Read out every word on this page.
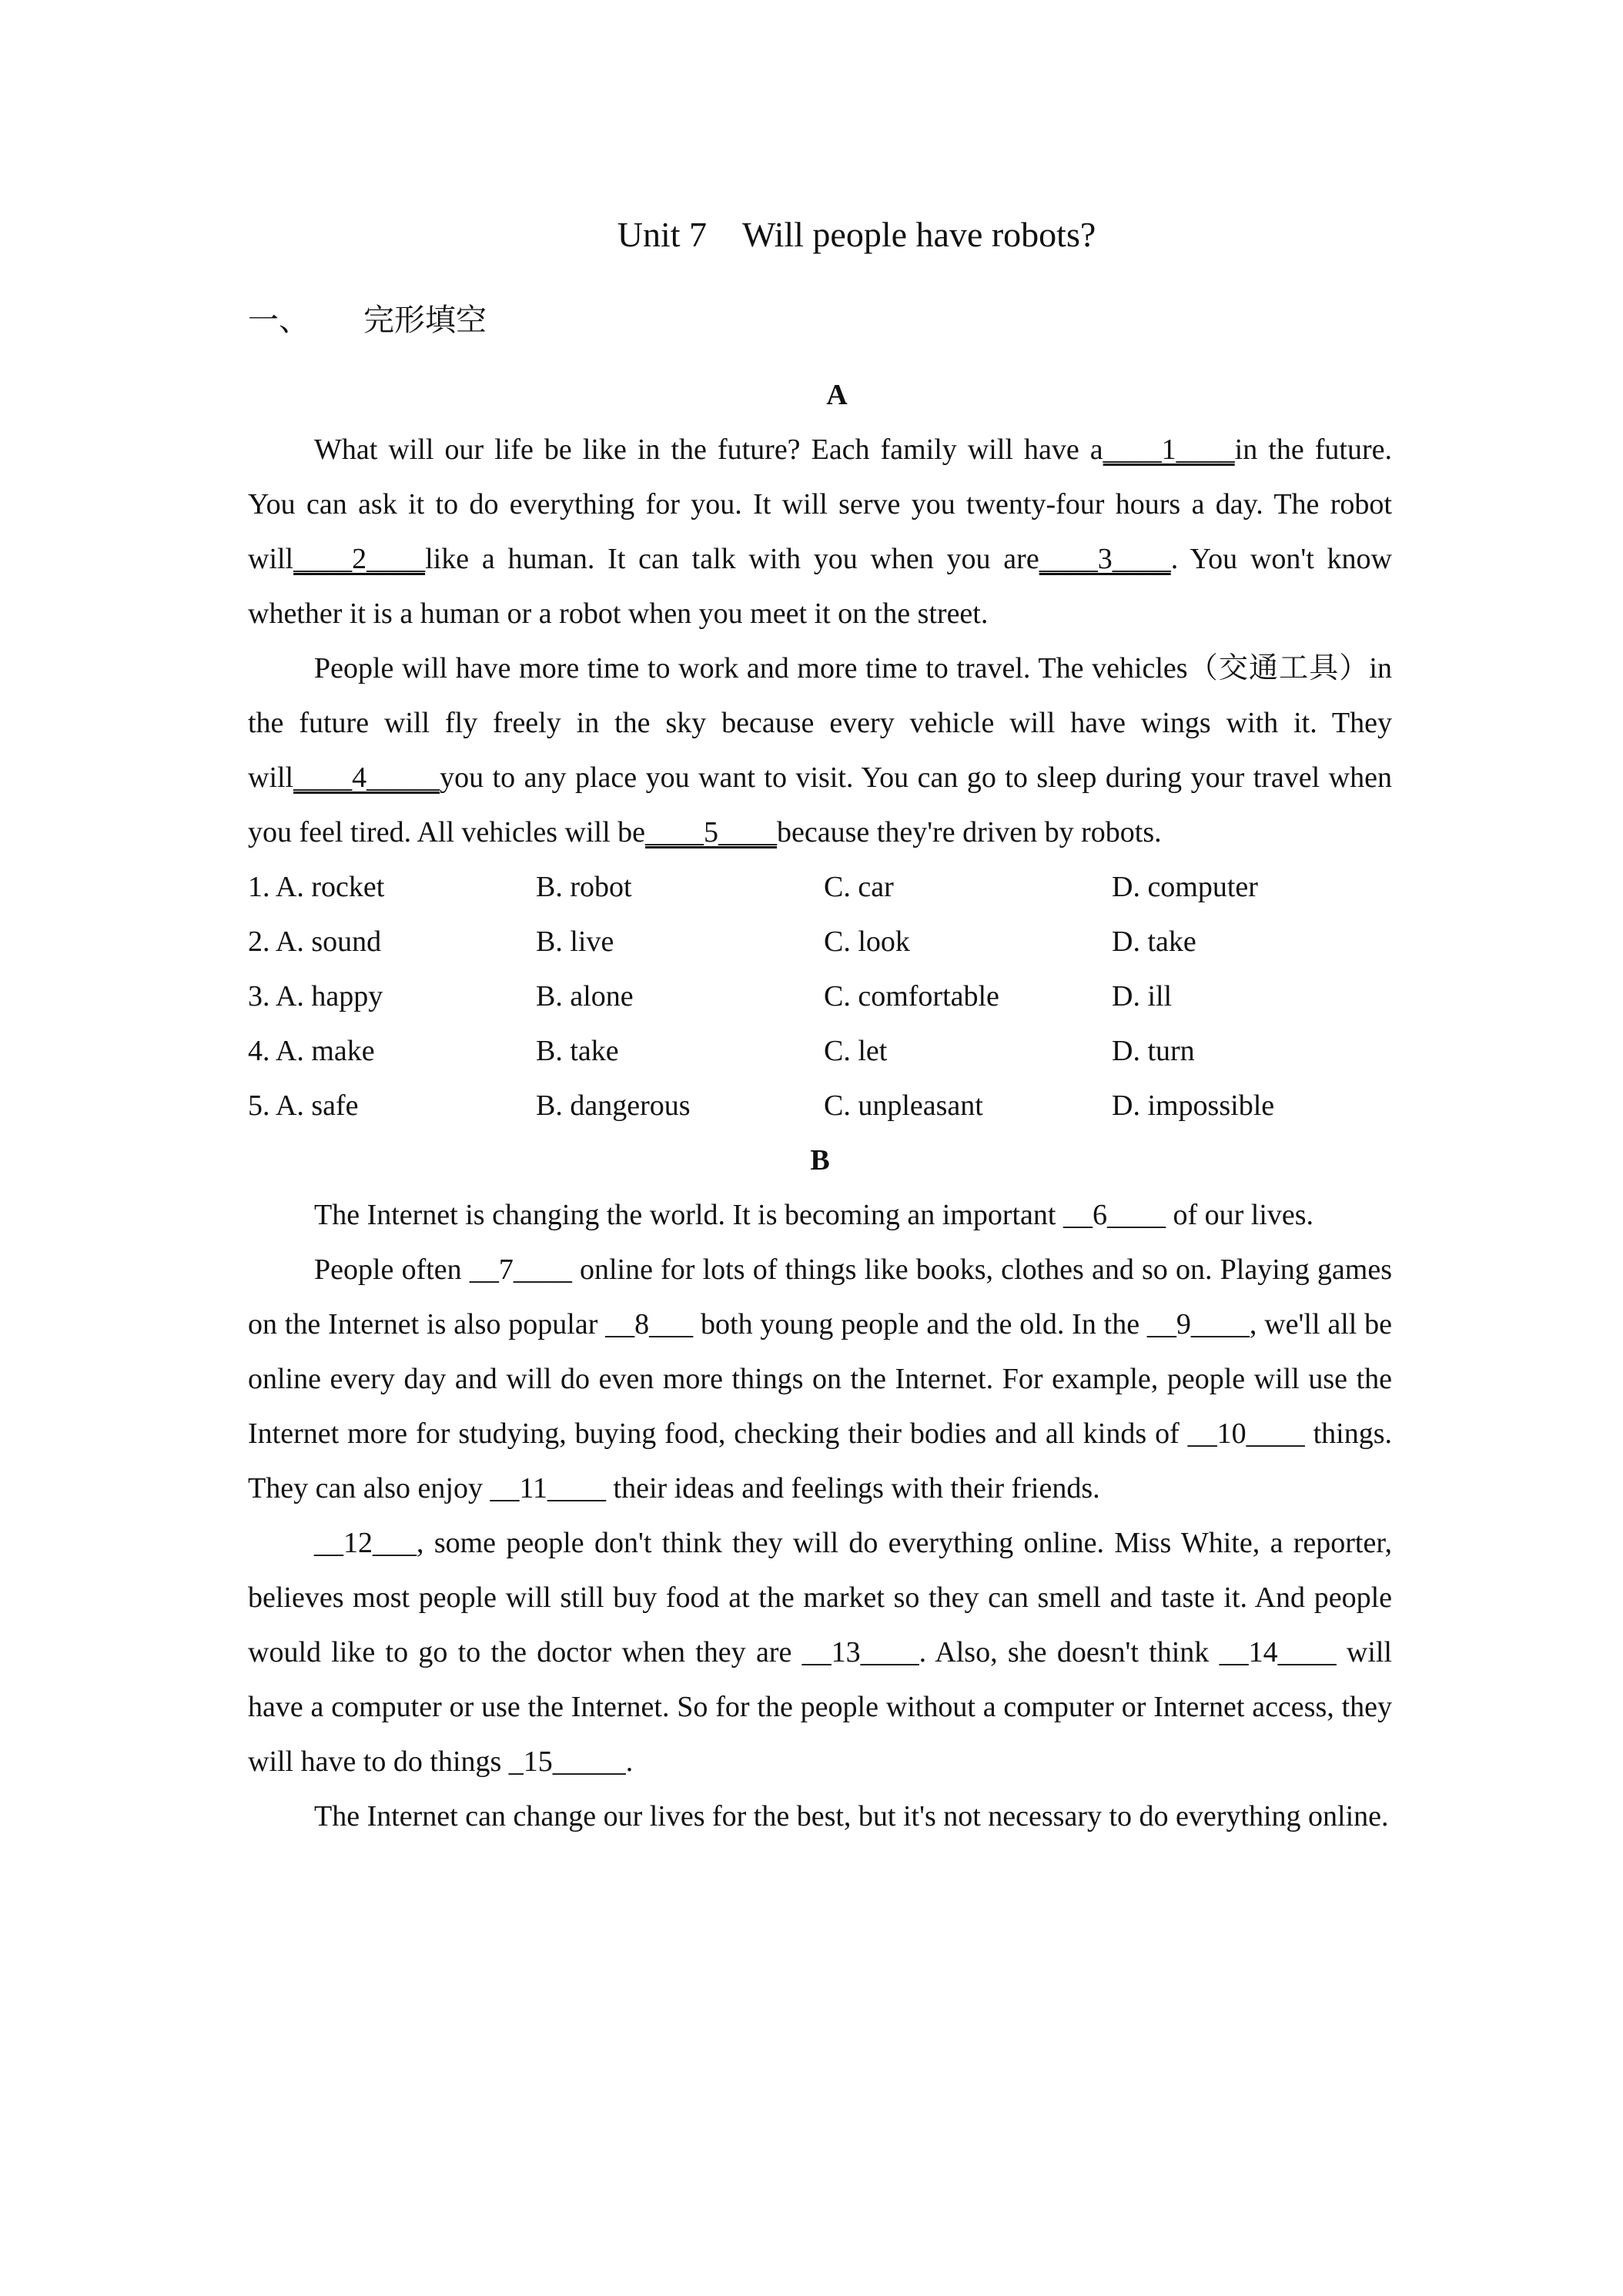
Unit 7  Will people have robots?
一、 完形填空
A

What will our life be like in the future? Each family will have a____1____in the future. You can ask it to do everything for you. It will serve you twenty-four hours a day. The robot will____2____like a human. It can talk with you when you are____3____. You won't know whether it is a human or a robot when you meet it on the street.

People will have more time to work and more time to travel. The vehicles（交通工具）in the future will fly freely in the sky because every vehicle will have wings with it. They will____4_____you to any place you want to visit. You can go to sleep during your travel when you feel tired. All vehicles will be____5____because they're driven by robots.

1. A. rocket	B. robot	C. car	D. computer
2. A. sound	B. live	C. look	D. take
3. A. happy	B. alone	C. comfortable	D. ill
4. A. make	B. take	C. let	D. turn
5. A. safe	B. dangerous	C. unpleasant	D. impossible
B

The Internet is changing the world. It is becoming an important __6____ of our lives.

People often __7____ online for lots of things like books, clothes and so on. Playing games on the Internet is also popular __8___ both young people and the old. In the __9____, we'll all be online every day and will do even more things on the Internet. For example, people will use the Internet more for studying, buying food, checking their bodies and all kinds of __10____ things. They can also enjoy __11____ their ideas and feelings with their friends.

__12___, some people don't think they will do everything online. Miss White, a reporter, believes most people will still buy food at the market so they can smell and taste it. And people would like to go to the doctor when they are __13____. Also, she doesn't think __14____ will have a computer or use the Internet. So for the people without a computer or Internet access, they will have to do things _15_____.

The Internet can change our lives for the best, but it's not necessary to do everything online.
